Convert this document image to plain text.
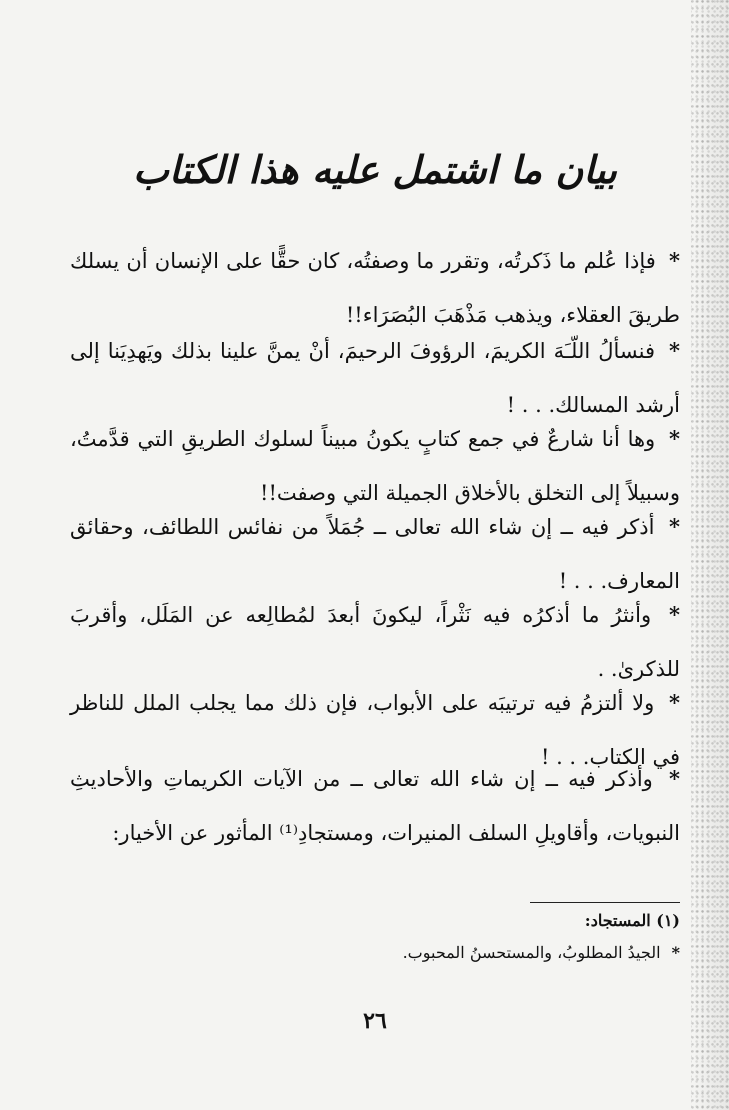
بيان ما اشتمل عليه هذا الكتاب
* فإذا عُلم ما ذَكرتُه، وتقرر ما وصفتُه، كان حقًّا على الإنسان أن يسلك طريقَ العقلاء، ويذهب مَذْهَبَ البُصَرَاء!!
* فنسألُ اللّـَهَ الكريمَ، الرؤوفَ الرحيمَ، أنْ يمنَّ علينا بذلك ويَهدِيَنا إلى أرشد المسالك. . . !
* وها أنا شارعٌ في جمع كتابٍ يكونُ مبيناً لسلوك الطريقِ التي قدَّمتُ، وسبيلاً إلى التخلق بالأخلاق الجميلة التي وصفت!!
* أذكر فيه ــ إن شاء الله تعالى ــ جُمَلاً من نفائس اللطائف، وحقائق المعارف. . . !
* وأنثرُ ما أذكرُه فيه نَثْراً، ليكونَ أبعدَ لمُطالِعه عن المَلَل، وأقربَ للذكرىٰ. .
* ولا ألتزمُ فيه ترتيبَه على الأبواب، فإن ذلك مما يجلب الملل للناظر في الكتاب. . . !
* وأذكر فيه ــ إن شاء الله تعالى ــ من الآيات الكريماتِ والأحاديثِ النبويات، وأقاويلِ السلف المنيرات، ومستجادِ⁽¹⁾ المأثور عن الأخيار:
(١) المستجاد:
* الجيدُ المطلوبُ، والمستحسنُ المحبوب.
٢٦
